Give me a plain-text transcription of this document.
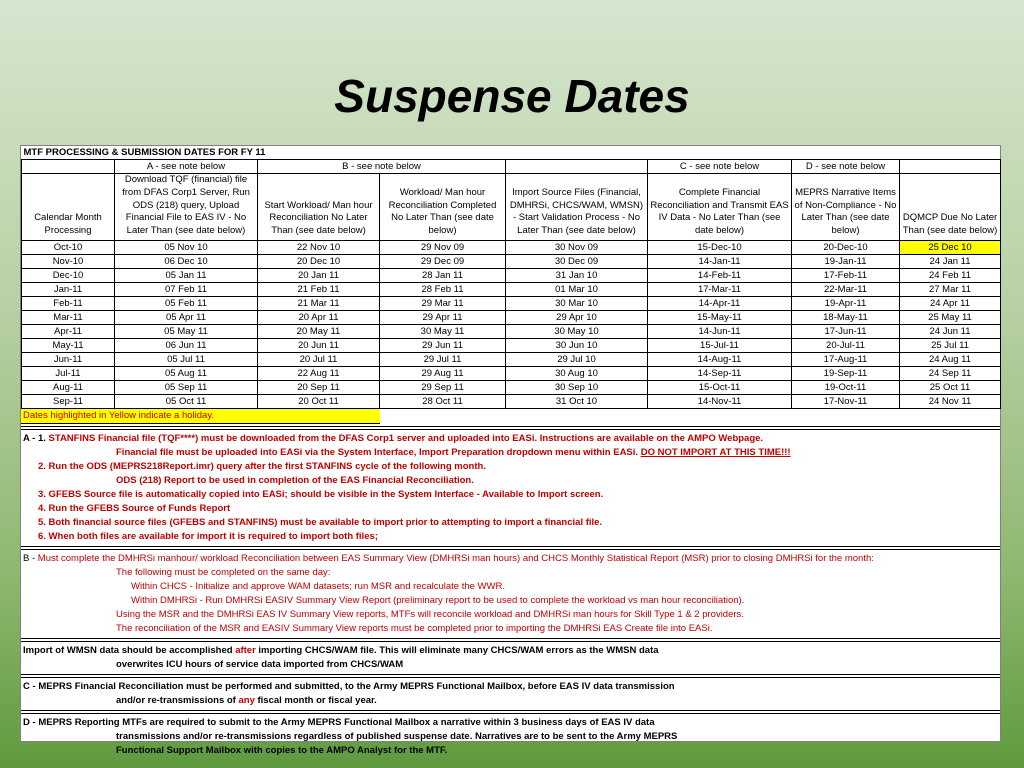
Suspense Dates
MTF PROCESSING & SUBMISSION DATES FOR FY 11							
	A - see note below	B - see note below			C - see note below	D - see note below	
Calendar Month Processing	Download TQF (financial) file from DFAS Corp1 Server, Run ODS (218) query, Upload Financial File to EAS IV - No Later Than (see date below)	Start Workload/ Man hour Reconciliation No Later Than (see date below)	Workload/ Man hour Reconciliation Completed No Later Than (see date below)	Import Source Files (Financial, DMHRSi, CHCS/WAM, WMSN) - Start Validation Process - No Later Than (see date below)	Complete Financial Reconciliation and Transmit EAS IV Data - No Later Than (see date below)	MEPRS Narrative Items of Non-Compliance - No Later Than (see date below)	DQMCP Due No Later Than (see date below)
Oct-10	05 Nov 10	22 Nov 10	29 Nov 09	30 Nov 09	15-Dec-10	20-Dec-10	25 Dec 10
Nov-10	06 Dec 10	20 Dec 10	29 Dec 09	30 Dec 09	14-Jan-11	19-Jan-11	24 Jan 11
Dec-10	05 Jan 11	20 Jan 11	28 Jan 11	31 Jan 10	14-Feb-11	17-Feb-11	24 Feb 11
Jan-11	07 Feb 11	21 Feb 11	28 Feb 11	01 Mar 10	17-Mar-11	22-Mar-11	27 Mar 11
Feb-11	05 Feb 11	21 Mar 11	29 Mar 11	30 Mar 10	14-Apr-11	19-Apr-11	24 Apr 11
Mar-11	05 Apr 11	20 Apr 11	29 Apr 11	29 Apr 10	15-May-11	18-May-11	25 May 11
Apr-11	05 May 11	20 May 11	30 May 11	30 May 10	14-Jun-11	17-Jun-11	24 Jun 11
May-11	06 Jun 11	20 Jun 11	29 Jun 11	30 Jun 10	15-Jul-11	20-Jul-11	25 Jul 11
Jun-11	05 Jul 11	20 Jul 11	29 Jul 11	29 Jul 10	14-Aug-11	17-Aug-11	24 Aug 11
Jul-11	05 Aug 11	22 Aug 11	29 Aug 11	30 Aug 10	14-Sep-11	19-Sep-11	24 Sep 11
Aug-11	05 Sep 11	20 Sep 11	29 Sep 11	30 Sep 10	15-Oct-11	19-Oct-11	25 Oct 11
Sep-11	05 Oct 11	20 Oct 11	28 Oct 11	31 Oct 10	14-Nov-11	17-Nov-11	24 Nov 11
Dates highlighted in Yellow indicate a holiday.
A - 1. STANFINS Financial file (TQF****) must be downloaded from the DFAS Corp1 server and uploaded into EASi. Instructions are available on the AMPO Webpage.
Financial file must be uploaded into EASi via the System Interface, Import Preparation dropdown menu within EASi. DO NOT IMPORT AT THIS TIME!!!
2. Run the ODS (MEPRS218Report.imr) query after the first STANFINS cycle of the following month.
ODS (218) Report to be used in completion of the EAS Financial Reconciliation.
3. GFEBS Source file is automatically copied into EASi; should be visible in the System Interface - Available to Import screen.
4. Run the GFEBS Source of Funds Report
5. Both financial source files (GFEBS and STANFINS) must be available to import prior to attempting to import a financial file.
6. When both files are available for import it is required to import both files;
B - Must complete the DMHRSi manhour/ workload Reconciliation between EAS Summary View (DMHRSi man hours) and CHCS Monthly Statistical Report (MSR) prior to closing DMHRSi for the month:
The following must be completed on the same day:
Within CHCS - Initialize and approve WAM datasets; run MSR and recalculate the WWR.
Within DMHRSi - Run DMHRSi EASIV Summary View Report (preliminary report to be used to complete the workload vs man hour reconciliation).
Using the MSR and the DMHRSi EAS IV Summary View reports, MTFs will reconcile workload and DMHRSi man hours for Skill Type 1 & 2 providers.
The reconciliation of the MSR and EASIV Summary View reports must be completed prior to importing the DMHRSi EAS Create file into EASi.
Import of WMSN data should be accomplished after importing CHCS/WAM file. This will eliminate many CHCS/WAM errors as the WMSN data
overwrites ICU hours of service data imported from CHCS/WAM
C - MEPRS Financial Reconciliation must be performed and submitted, to the Army MEPRS Functional Mailbox, before EAS IV data transmission
and/or re-transmissions of any fiscal month or fiscal year.
D - MEPRS Reporting MTFs are required to submit to the Army MEPRS Functional Mailbox a narrative within 3 business days of EAS IV data
transmissions and/or re-transmissions regardless of published suspense date. Narratives are to be sent to the Army MEPRS
Functional Support Mailbox with copies to the AMPO Analyst for the MTF.
